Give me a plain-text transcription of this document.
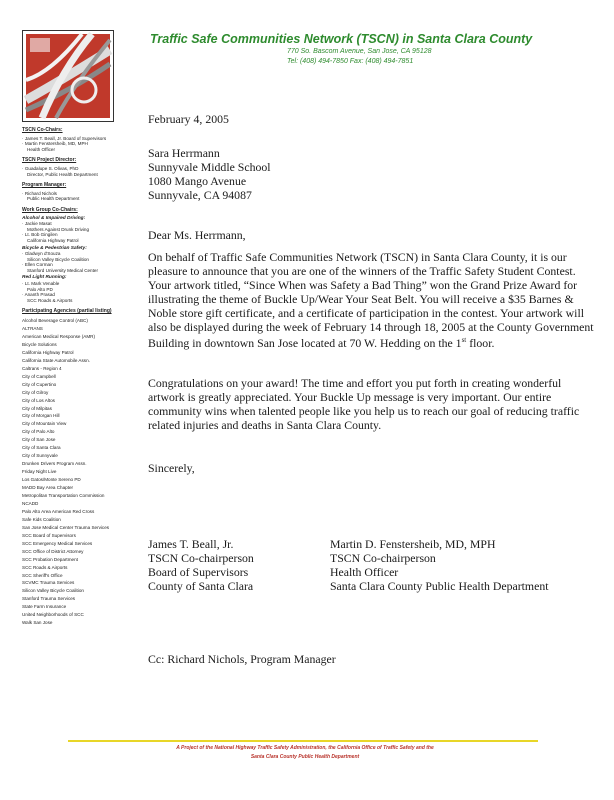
Traffic Safe Communities Network (TSCN) in Santa Clara County
770 So. Bascom Avenue, San Jose, CA 95128
Tel: (408) 494-7850 Fax: (408) 494-7851
TSCN Co-Chairs:
· James T. Beall, Jr. Board of Supervisors
· Martin Fenstersheib, MD, MPH
Health Officer
TSCN Project Director:
· Guadalupe S. Olivas, PhD
Director, Public Health Department
Program Manager:
· Richard Nichols
Public Health Department
Work Group Co-Chairs:
Alcohol & Impaired Driving:
· Jackie Masat
Mothers Against Drunk Driving
· Lt. Bob Gingilen
California Highway Patrol
Bicycle & Pedestrian Safety:
· Gladwyn d'Souza
Silicon Valley Bicycle Coalition
· Ellen Corman
Stanford University Medical Center
Red Light Running:
· Lt. Mark Venable
Palo Alto PD
· Ananth Prasad
SCC Roads & Airports
Participating Agencies (partial listing)
Alcohol Beverage Control (ABC)
ALTRANS
American Medical Response (AMR)
Bicycle Solutions
California Highway Patrol
California State Automobile Assn.
Caltrans - Region 4
City of Campbell
City of Cupertino
City of Gilroy
City of Los Altos
City of Milpitas
City of Morgan Hill
City of Mountain View
City of Palo Alto
City of San Jose
City of Santa Clara
City of Sunnyvale
Drunken Drivers Program Assn.
Friday Night Live
Los Gatos/Monte Sereno PD
MADD Bay Area Chapter
Metropolitan Transportation Commission
NCADD
Palo Alto Area American Red Cross
Safe Kids Coalition
San Jose Medical Center Trauma Services
SCC Board of Supervisors
SCC Emergency Medical Services
SCC Office of District Attorney
SCC Probation Department
SCC Roads & Airports
SCC Sheriff's Office
SCVMC Trauma Services
Silicon Valley Bicycle Coalition
Stanford Trauma Services
State Farm Insurance
United Neighborhoods of SCC
Walk San Jose
February 4, 2005
Sara Herrmann
Sunnyvale Middle School
1080 Mango Avenue
Sunnyvale, CA 94087
Dear Ms. Herrmann,
On behalf of Traffic Safe Communities Network (TSCN) in Santa Clara County, it is our pleasure to announce that you are one of the winners of the Traffic Safety Student Contest. Your artwork titled, “Since When was Safety a Bad Thing” won the Grand Prize Award for illustrating the theme of Buckle Up/Wear Your Seat Belt. You will receive a $35 Barnes & Noble store gift certificate, and a certificate of participation in the contest. Your artwork will also be displayed during the week of February 14 through 18, 2005 at the County Government Building in downtown San Jose located at 70 W. Hedding on the 1st floor.
Congratulations on your award! The time and effort you put forth in creating wonderful artwork is greatly appreciated. Your Buckle Up message is very important. Our entire community wins when talented people like you help us to reach our goal of reducing traffic related injuries and deaths in Santa Clara County.
Sincerely,
James T. Beall, Jr.
TSCN Co-chairperson
Board of Supervisors
County of Santa Clara
Martin D. Fenstersheib, MD, MPH
TSCN Co-chairperson
Health Officer
Santa Clara County Public Health Department
Cc: Richard Nichols, Program Manager
A Project of the National Highway Traffic Safety Administration, the California Office of Traffic Safety and the
Santa Clara County Public Health Department
